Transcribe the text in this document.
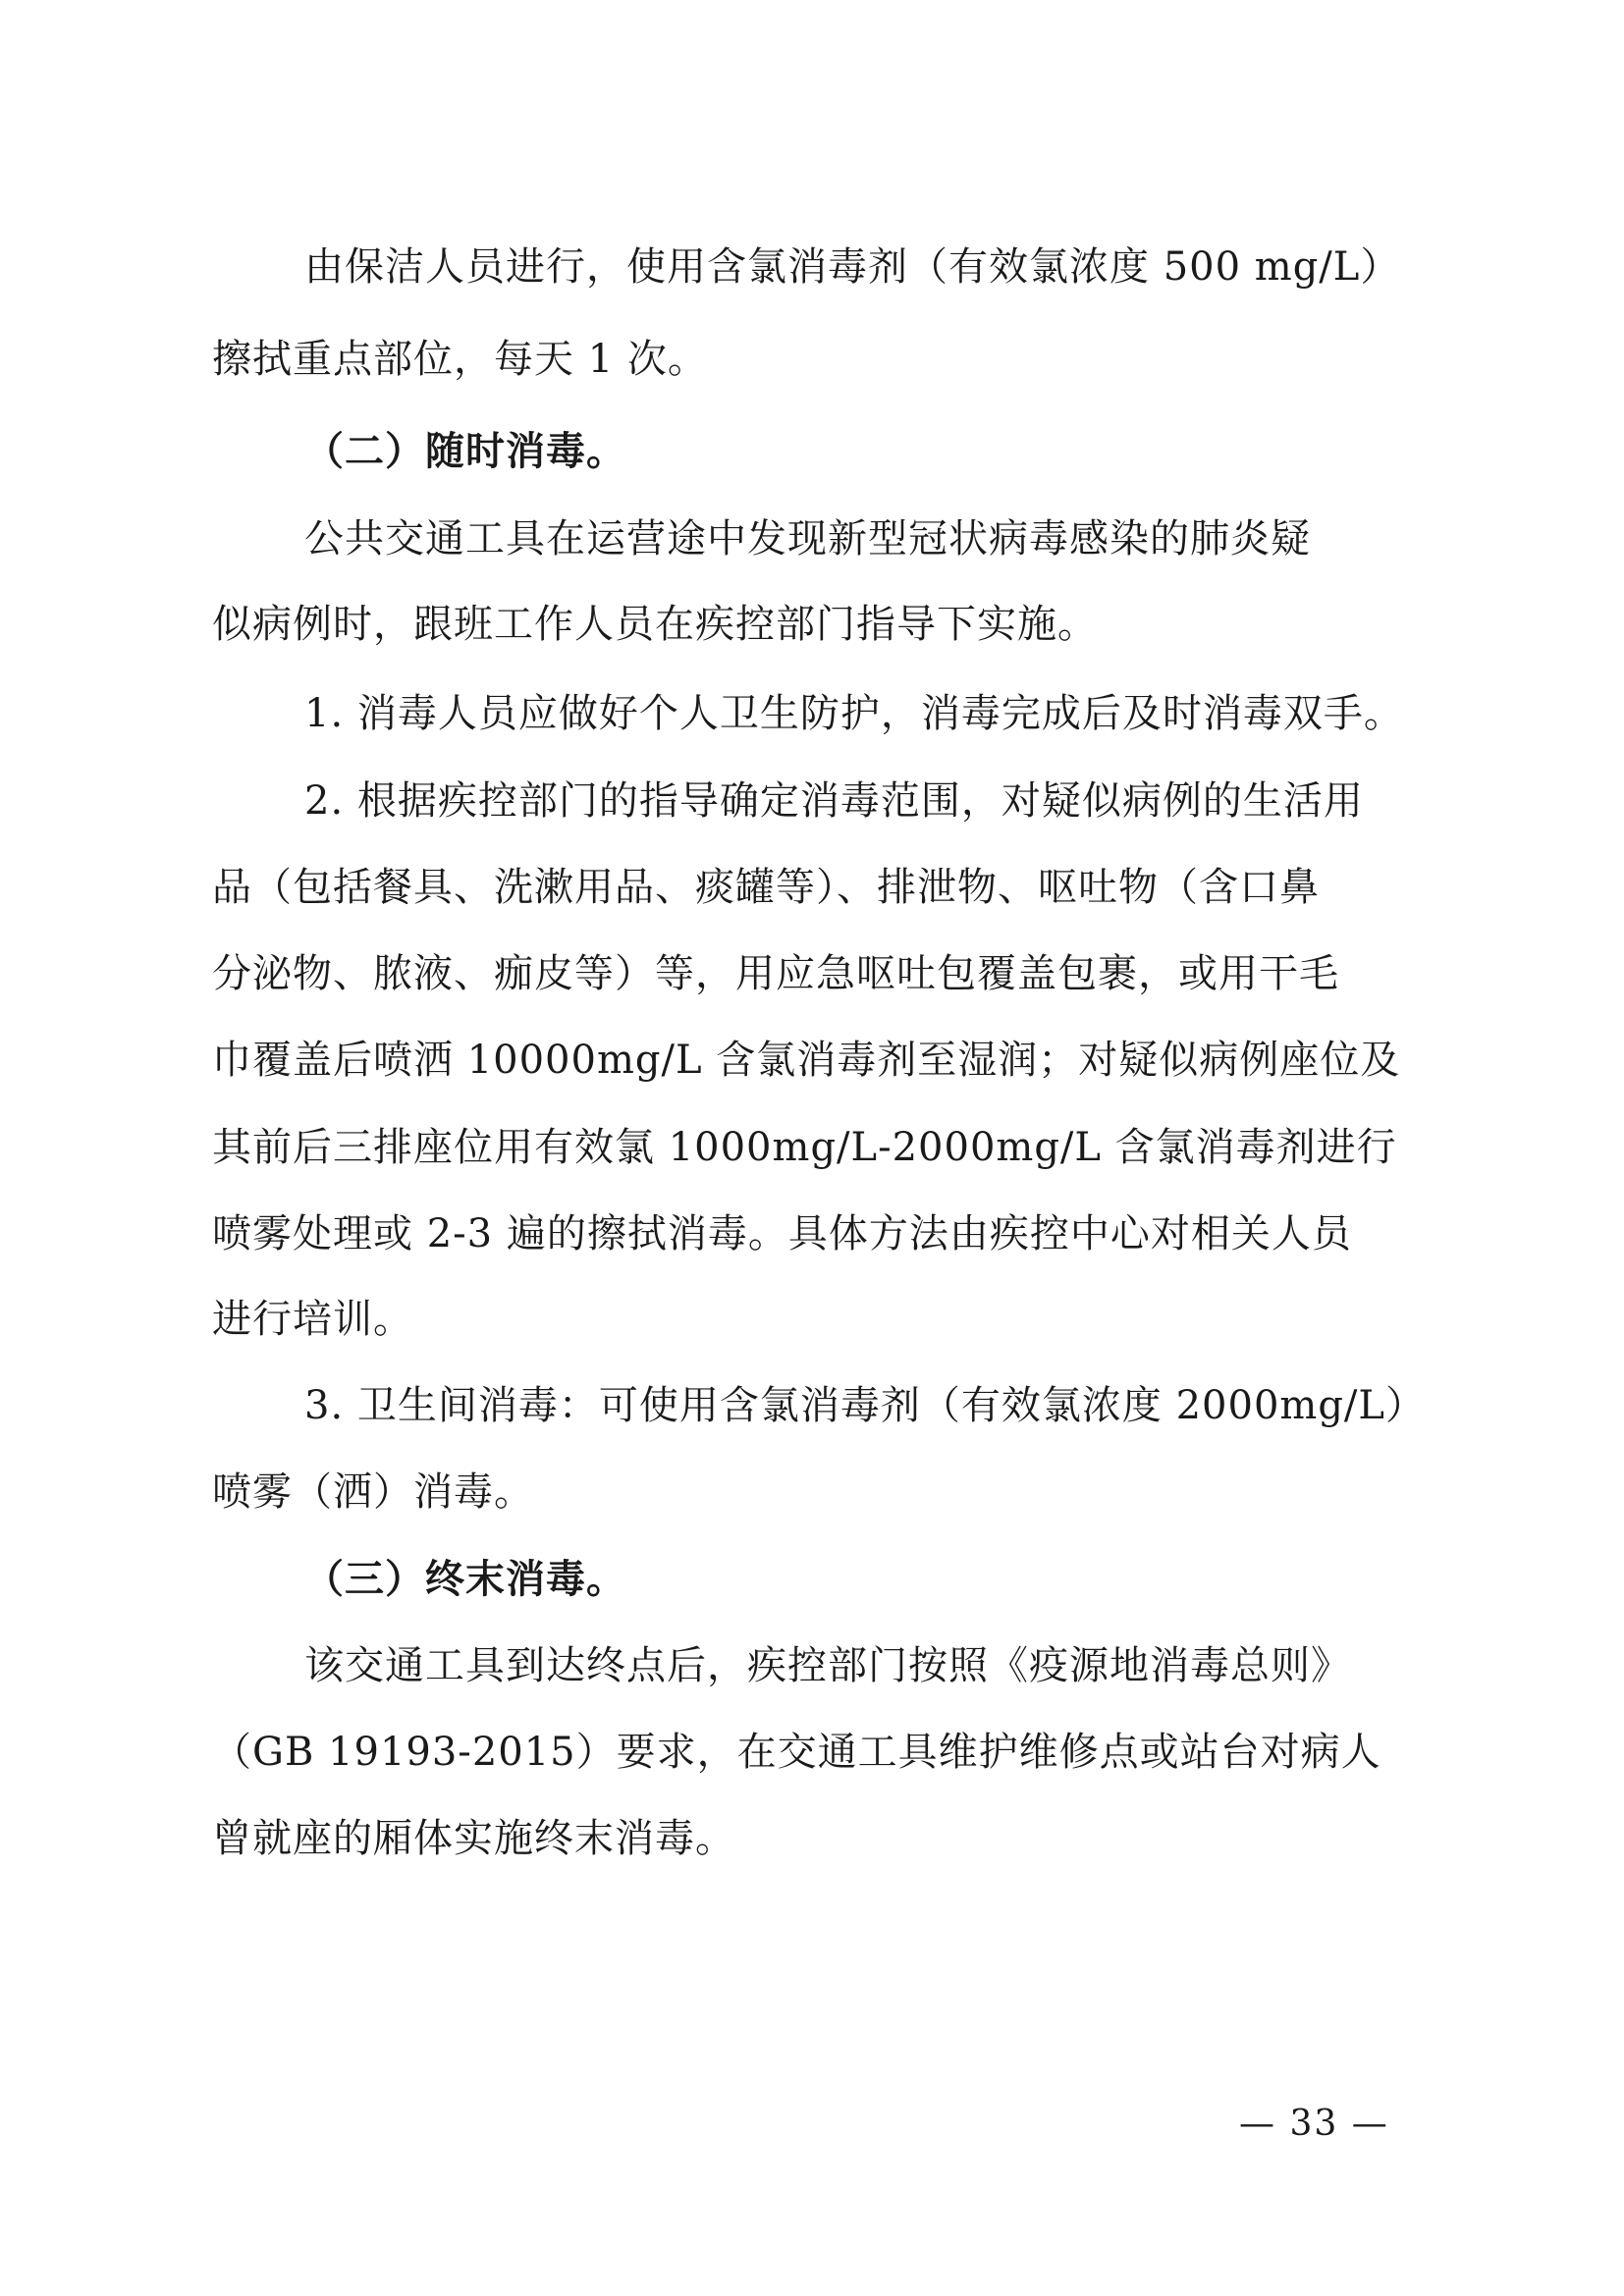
由保洁人员进行，使用含氯消毒剂（有效氯浓度 500 mg/L）
擦拭重点部位，每天 1 次。
（二）随时消毒。
公共交通工具在运营途中发现新型冠状病毒感染的肺炎疑
似病例时，跟班工作人员在疾控部门指导下实施。
1. 消毒人员应做好个人卫生防护，消毒完成后及时消毒双手。
2. 根据疾控部门的指导确定消毒范围，对疑似病例的生活用
品（包括餐具、洗漱用品、痰罐等）、排泄物、呕吐物（含口鼻
分泌物、脓液、痂皮等）等，用应急呕吐包覆盖包裹，或用干毛
巾覆盖后喷洒 10000mg/L 含氯消毒剂至湿润；对疑似病例座位及
其前后三排座位用有效氯 1000mg/L-2000mg/L 含氯消毒剂进行
喷雾处理或 2-3 遍的擦拭消毒。具体方法由疾控中心对相关人员
进行培训。
3. 卫生间消毒：可使用含氯消毒剂（有效氯浓度 2000mg/L）
喷雾（洒）消毒。
（三）终末消毒。
该交通工具到达终点后，疾控部门按照《疫源地消毒总则》
（GB 19193-2015）要求，在交通工具维护维修点或站台对病人
曾就座的厢体实施终末消毒。
— 33 —
